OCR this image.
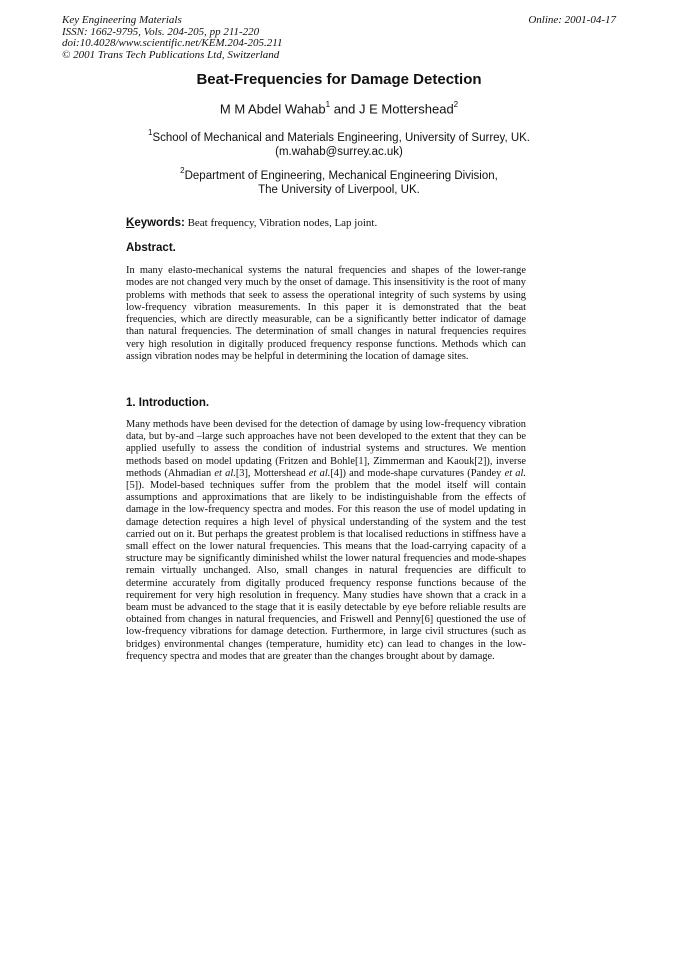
Key Engineering Materials
ISSN: 1662-9795, Vols. 204-205, pp 211-220
doi:10.4028/www.scientific.net/KEM.204-205.211
© 2001 Trans Tech Publications Ltd, Switzerland
Online: 2001-04-17
Beat-Frequencies for Damage Detection
M M Abdel Wahab$^1$ and J E Mottershead$^2$
$^1$School of Mechanical and Materials Engineering, University of Surrey, UK.
(m.wahab@surrey.ac.uk)
$^2$Department of Engineering, Mechanical Engineering Division,
The University of Liverpool, UK.
Keywords: Beat frequency, Vibration nodes, Lap joint.
Abstract.

In many elasto-mechanical systems the natural frequencies and shapes of the lower-range modes are not changed very much by the onset of damage. This insensitivity is the root of many problems with methods that seek to assess the operational integrity of such systems by using low-frequency vibration measurements. In this paper it is demonstrated that the beat frequencies, which are directly measurable, can be a significantly better indicator of damage than natural frequencies. The determination of small changes in natural frequencies requires very high resolution in digitally produced frequency response functions. Methods which can assign vibration nodes may be helpful in determining the location of damage sites.

1. Introduction.

Many methods have been devised for the detection of damage by using low-frequency vibration data, but by-and –large such approaches have not been developed to the extent that they can be applied usefully to assess the condition of industrial systems and structures. We mention methods based on model updating (Fritzen and Bohle[1], Zimmerman and Kaouk[2]), inverse methods (Ahmadian et al.[3], Mottershead et al.[4]) and mode-shape curvatures (Pandey et al.[5]). Model-based techniques suffer from the problem that the model itself will contain assumptions and approximations that are likely to be indistinguishable from the effects of damage in the low-frequency spectra and modes. For this reason the use of model updating in damage detection requires a high level of physical understanding of the system and the test carried out on it. But perhaps the greatest problem is that localised reductions in stiffness have a small effect on the lower natural frequencies. This means that the load-carrying capacity of a structure may be significantly diminished whilst the lower natural frequencies and mode-shapes remain virtually unchanged. Also, small changes in natural frequencies are difficult to determine accurately from digitally produced frequency response functions because of the requirement for very high resolution in frequency. Many studies have shown that a crack in a beam must be advanced to the stage that it is easily detectable by eye before reliable results are obtained from changes in natural frequencies, and Friswell and Penny[6] questioned the use of low-frequency vibrations for damage detection. Furthermore, in large civil structures (such as bridges) environmental changes (temperature, humidity etc) can lead to changes in the low-frequency spectra and modes that are greater than the changes brought about by damage.
